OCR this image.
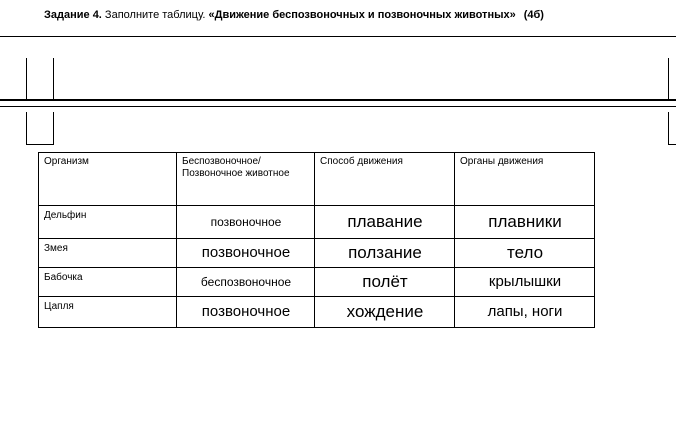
Задание 4. Заполните таблицу. «Движение беспозвоночных и позвоночных животных» (4б)
Организм	Беспозвоночное/ Позвоночное животное	Способ движения	Органы движения
Дельфин	позвоночное	плавание	плавники
Змея	позвоночное	ползание	тело
Бабочка	беспозвоночное	полёт	крылышки
Цапля	позвоночное	хождение	лапы, ноги
